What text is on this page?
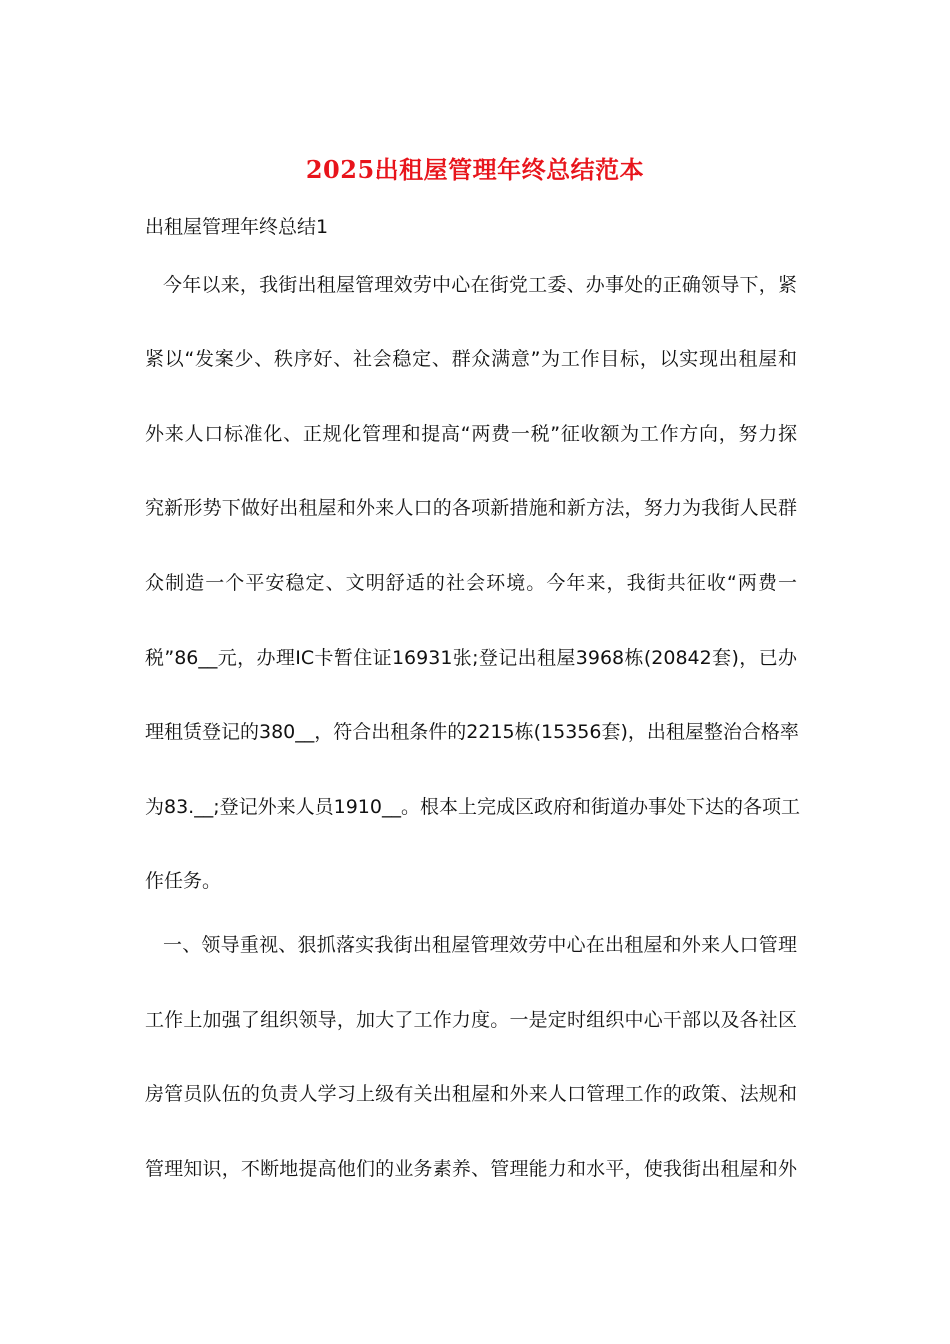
2025出租屋管理年终总结范本
出租屋管理年终总结1
今年以来，我街出租屋管理效劳中心在街党工委、办事处的正确领导下，紧
紧以“发案少、秩序好、社会稳定、群众满意”为工作目标，以实现出租屋和
外来人口标准化、正规化管理和提高“两费一税”征收额为工作方向，努力探
究新形势下做好出租屋和外来人口的各项新措施和新方法，努力为我街人民群
众制造一个平安稳定、文明舒适的社会环境。今年来，我街共征收“两费一
税”86__元，办理IC卡暂住证16931张;登记出租屋3968栋(20842套)，已办
理租赁登记的380__，符合出租条件的2215栋(15356套)，出租屋整治合格率
为83.__;登记外来人员1910__。根本上完成区政府和街道办事处下达的各项工
作任务。
一、领导重视、狠抓落实我街出租屋管理效劳中心在出租屋和外来人口管理
工作上加强了组织领导，加大了工作力度。一是定时组织中心干部以及各社区
房管员队伍的负责人学习上级有关出租屋和外来人口管理工作的政策、法规和
管理知识，不断地提高他们的业务素养、管理能力和水平，使我街出租屋和外
